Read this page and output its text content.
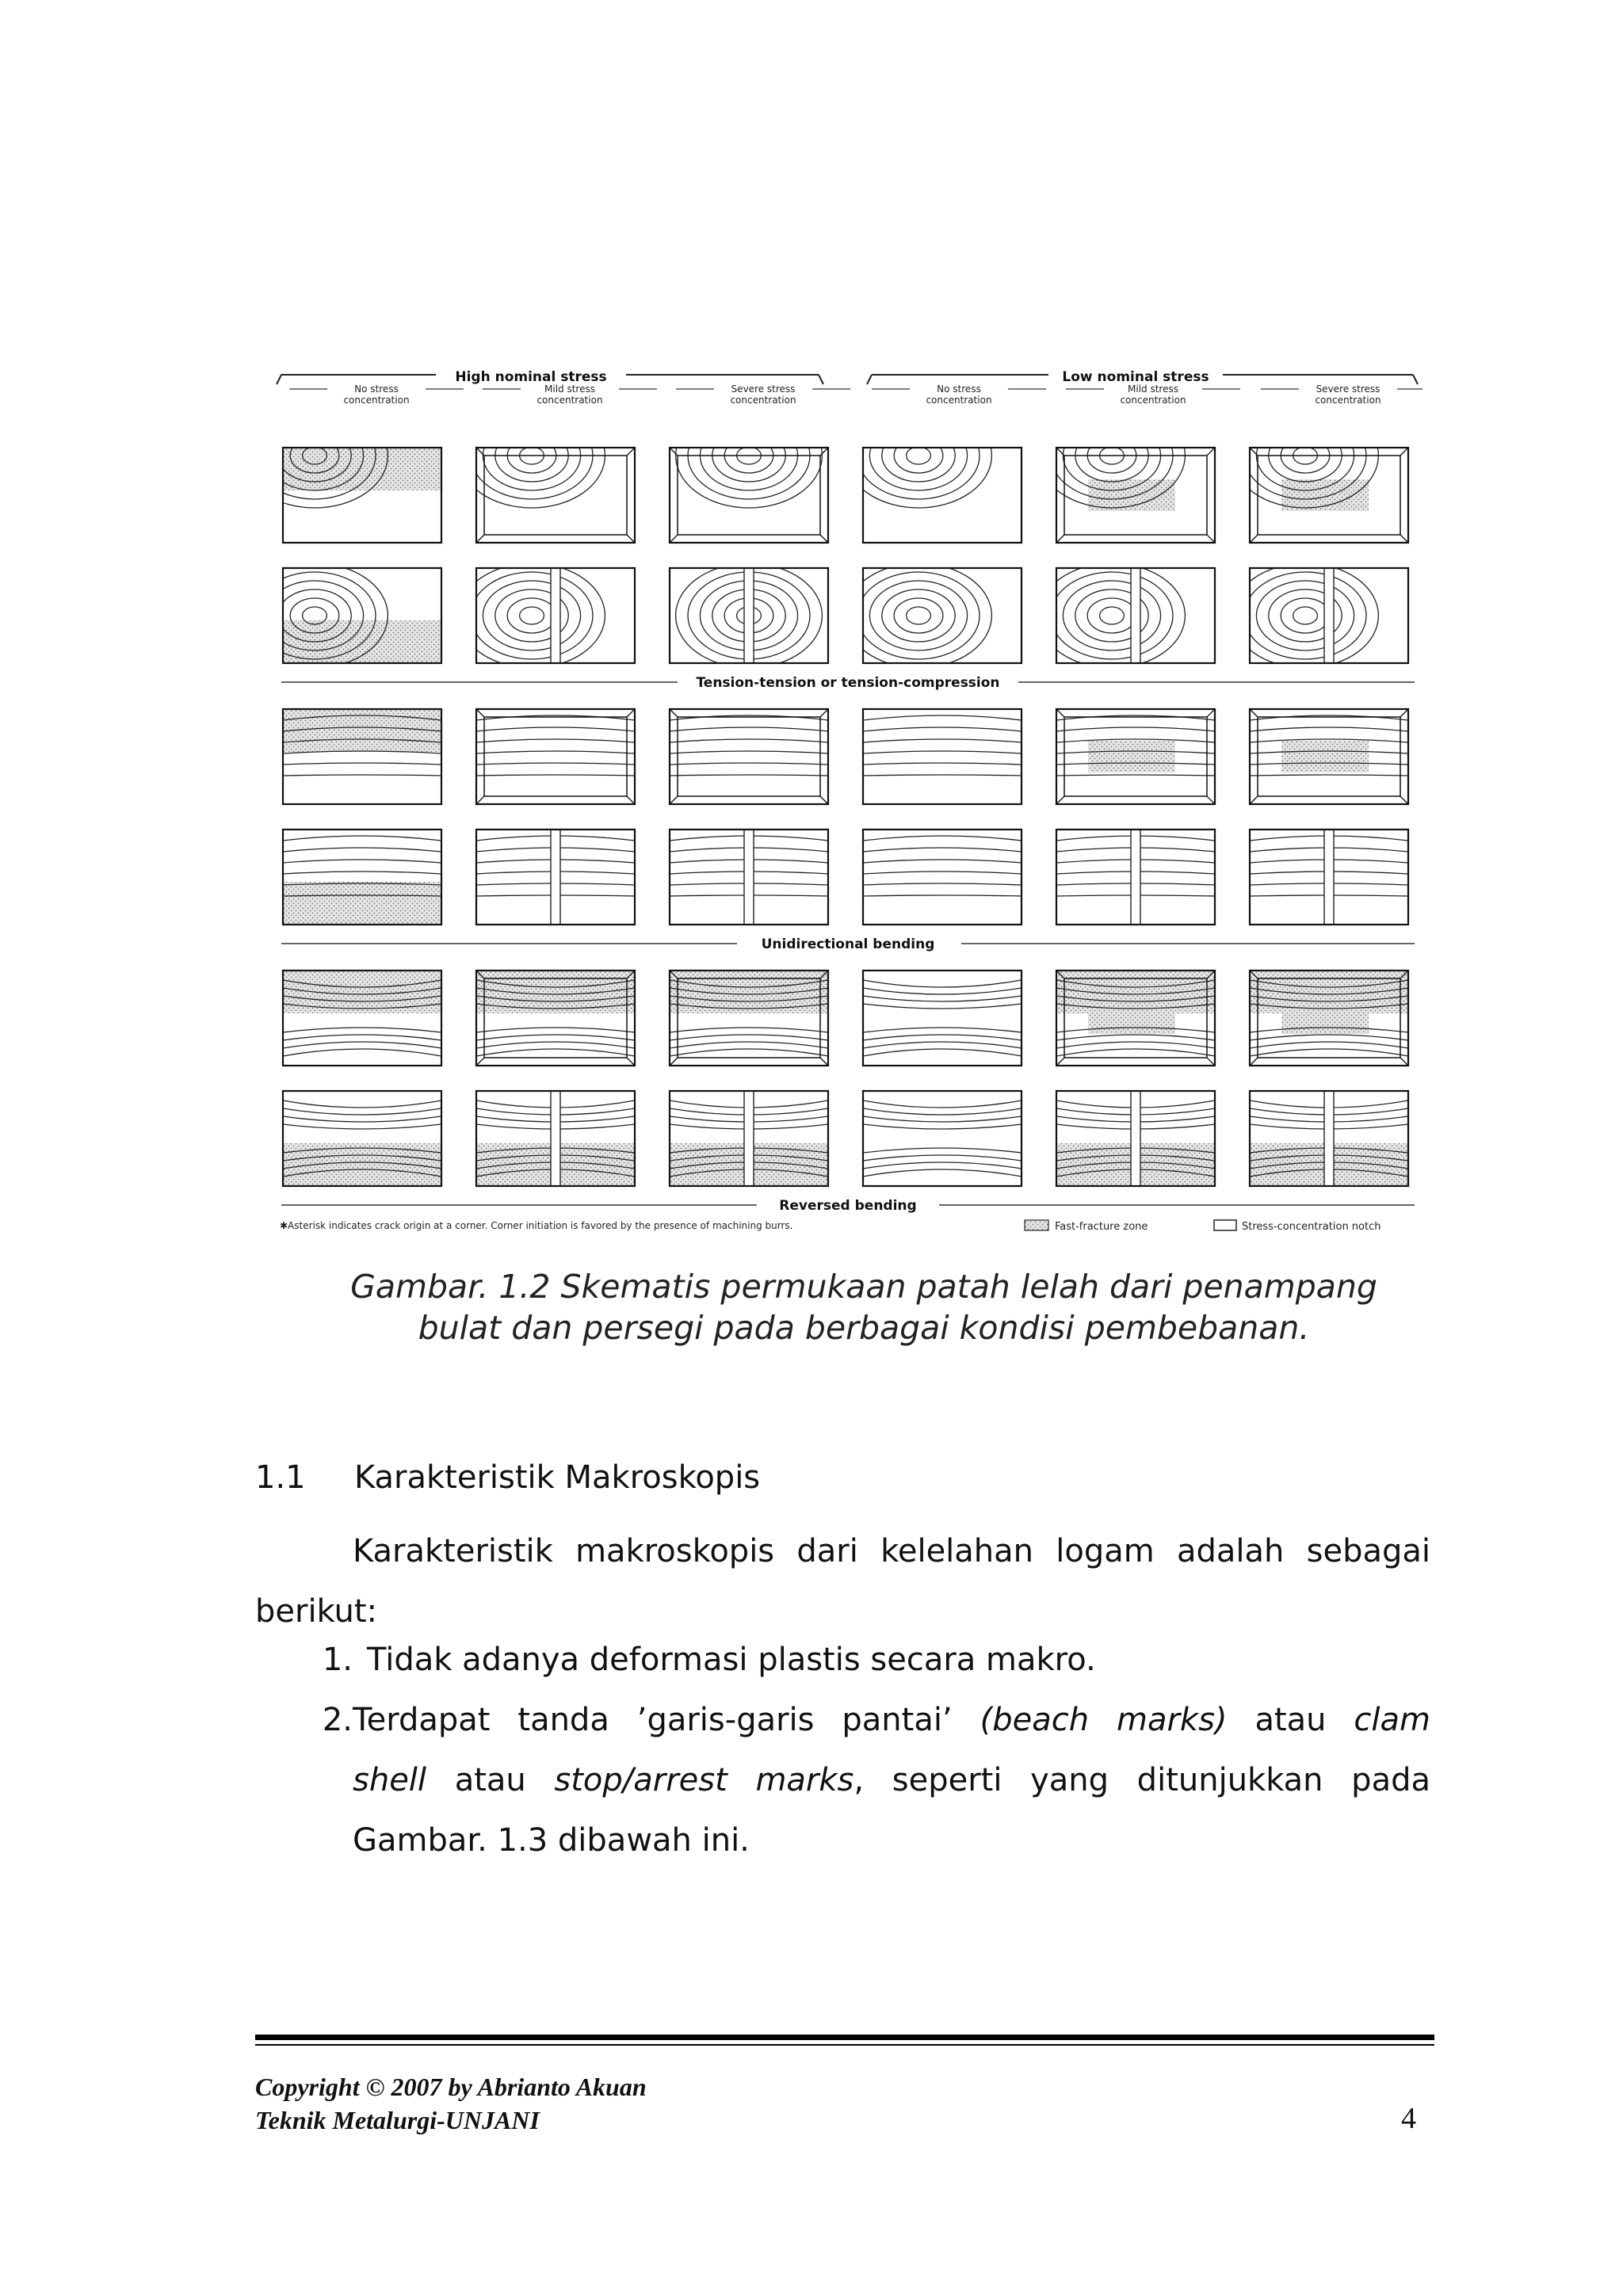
High nominal stress	Low nominal stress
No stress
concentration
Mild stress
concentration
Severe stress
concentration
No stress
concentration
Mild stress
concentration
Severe stress
concentration
Tension-tension or tension-compression
Unidirectional bending
Reversed bending
✱Asterisk indicates crack origin at a corner. Corner initiation is favored by the presence of machining burrs.	Fast-fracture zone	Stress-concentration notch
Gambar. 1.2 Skematis permukaan patah lelah dari penampang
bulat dan persegi pada berbagai kondisi pembebanan.
1.1 Karakteristik Makroskopis
Karakteristik makroskopis dari kelelahan logam adalah sebagai
berikut:
1. Tidak adanya deformasi plastis secara makro.
2. Terdapat tanda ’garis-garis pantai’ (beach marks) atau clam
shell atau stop/arrest marks, seperti yang ditunjukkan pada
Gambar. 1.3 dibawah ini.
Copyright © 2007 by Abrianto Akuan
Teknik Metalurgi-UNJANI	4
